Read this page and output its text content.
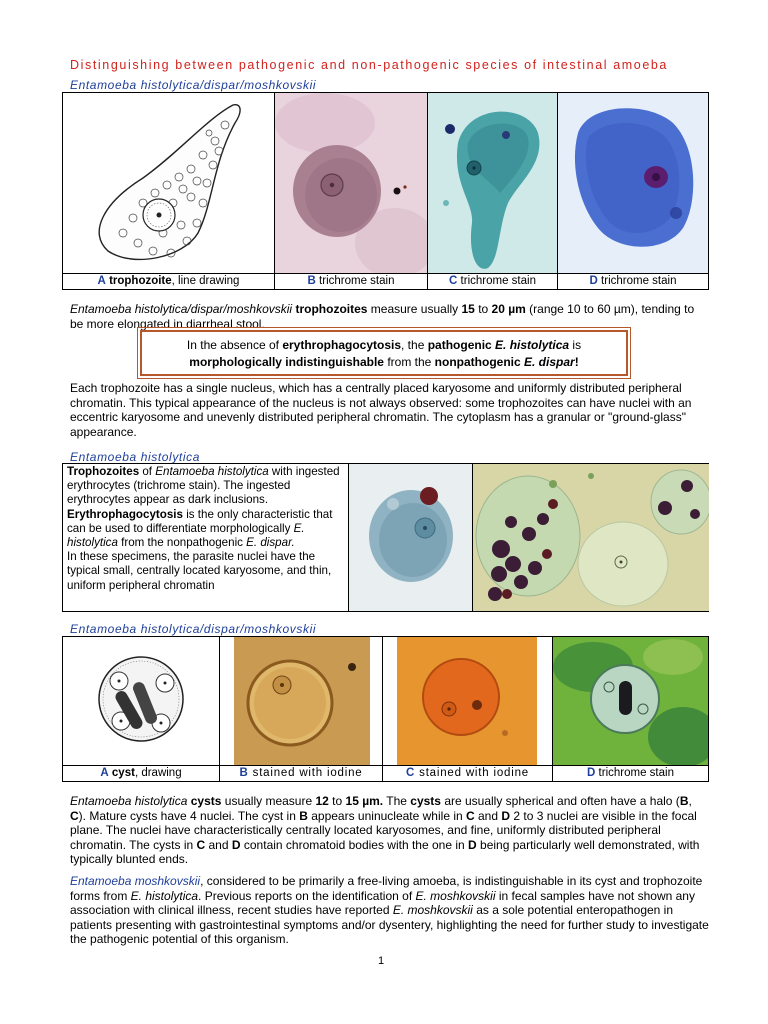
Distinguishing between pathogenic and non-pathogenic species of intestinal amoeba
Entamoeba histolytica/dispar/moshkovskii
A trophozoite, line drawing	B trichrome stain	C trichrome stain	D trichrome stain
Entamoeba histolytica/dispar/moshkovskii trophozoites measure usually 15 to 20 µm (range 10 to 60 µm), tending to be more elongated in diarrheal stool.
In the absence of erythrophagocytosis, the pathogenic E. histolytica is
morphologically indistinguishable from the nonpathogenic E. dispar!
Each trophozoite has a single nucleus, which has a centrally placed karyosome and uniformly distributed peripheral chromatin. This typical appearance of the nucleus is not always observed: some trophozoites can have nuclei with an eccentric karyosome and unevenly distributed peripheral chromatin. The cytoplasm has a granular or "ground-glass" appearance.
Entamoeba histolytica
Trophozoites of Entamoeba histolytica with ingested erythrocytes (trichrome stain). The ingested erythrocytes appear as dark inclusions. Erythrophagocytosis is the only characteristic that can be used to differentiate morphologically E. histolytica from the nonpathogenic E. dispar.
In these specimens, the parasite nuclei have the typical small, centrally located karyosome, and thin, uniform peripheral chromatin
Entamoeba histolytica/dispar/moshkovskii
A cyst, drawing	B stained with iodine	C stained with iodine	D trichrome stain
Entamoeba histolytica cysts usually measure 12 to 15 µm. The cysts are usually spherical and often have a halo (B, C). Mature cysts have 4 nuclei. The cyst in B appears uninucleate while in C and D 2 to 3 nuclei are visible in the focal plane. The nuclei have characteristically centrally located karyosomes, and fine, uniformly distributed peripheral chromatin. The cysts in C and D contain chromatoid bodies with the one in D being particularly well demonstrated, with typically blunted ends.
Entamoeba moshkovskii, considered to be primarily a free-living amoeba, is indistinguishable in its cyst and trophozoite forms from E. histolytica. Previous reports on the identification of E. moshkovskii in fecal samples have not shown any association with clinical illness, recent studies have reported E. moshkovskii as a sole potential enteropathogen in patients presenting with gastrointestinal symptoms and/or dysentery, highlighting the need for further study to investigate the pathogenic potential of this organism.
1
